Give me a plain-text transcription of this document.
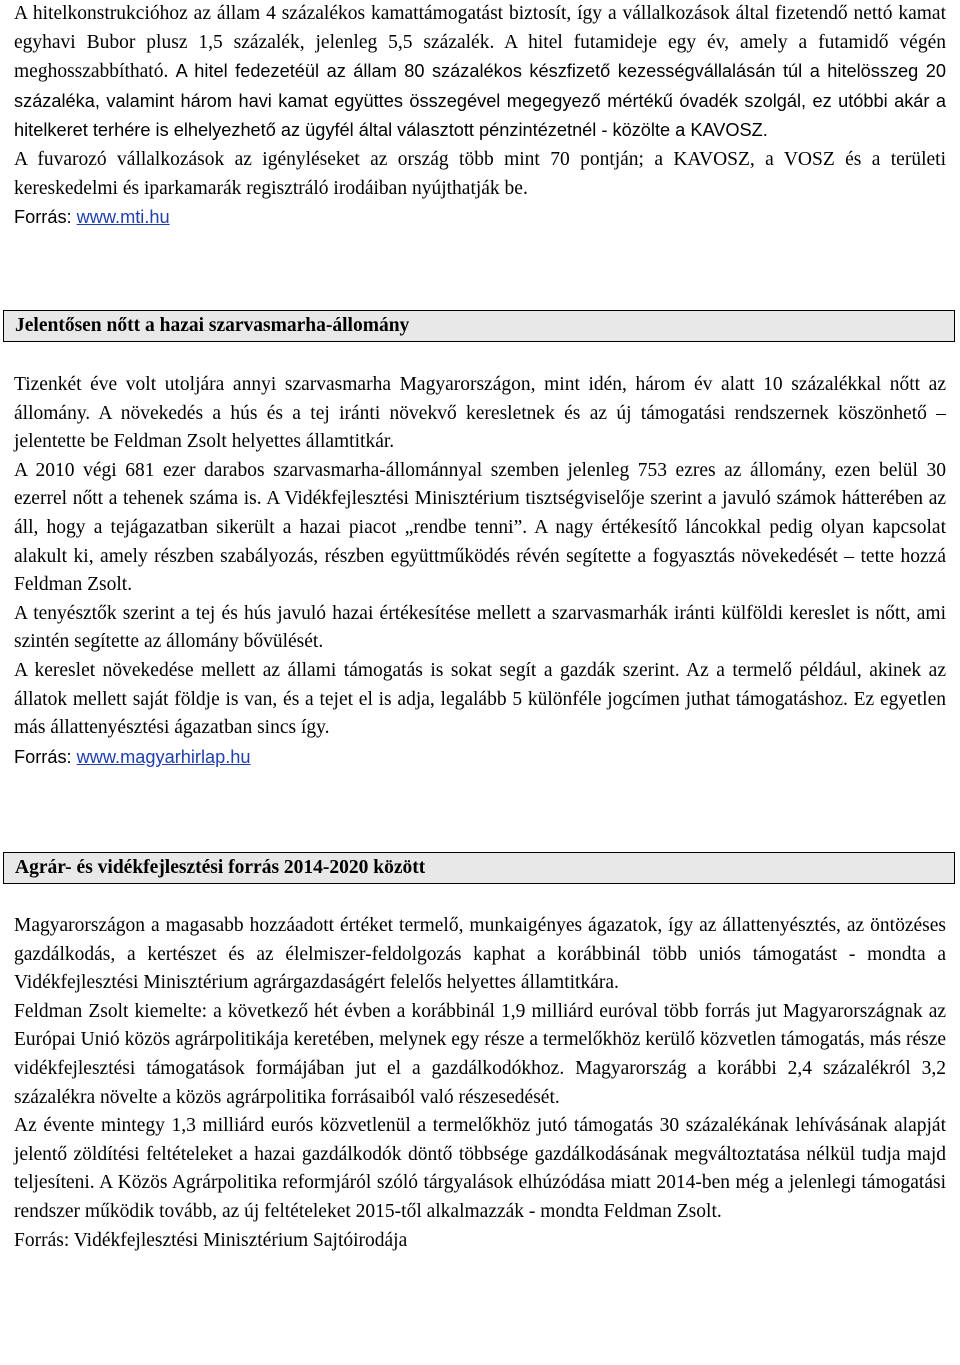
A hitelkonstrukcióhoz az állam 4 százalékos kamattámogatást biztosít, így a vállalkozások által fizetendő nettó kamat egyhavi Bubor plusz 1,5 százalék, jelenleg 5,5 százalék. A hitel futamideje egy év, amely a futamidő végén meghosszabbítható. A hitel fedezetéül az állam 80 százalékos készfizető kezességvállalásán túl a hitelösszeg 20 százaléka, valamint három havi kamat együttes összegével megegyező mértékű óvadék szolgál, ez utóbbi akár a hitelkeret terhére is elhelyezhető az ügyfél által választott pénzintézetnél - közölte a KAVOSZ.

A fuvarozó vállalkozások az igényléseket az ország több mint 70 pontján; a KAVOSZ, a VOSZ és a területi kereskedelmi és iparkamarák regisztráló irodáiban nyújthatják be.

Forrás: www.mti.hu

Jelentősen nőtt a hazai szarvasmarha-állomány

Tizenkét éve volt utoljára annyi szarvasmarha Magyarországon, mint idén, három év alatt 10 százalékkal nőtt az állomány. A növekedés a hús és a tej iránti növekvő keresletnek és az új támogatási rendszernek köszönhető – jelentette be Feldman Zsolt helyettes államtitkár.

A 2010 végi 681 ezer darabos szarvasmarha-állománnyal szemben jelenleg 753 ezres az állomány, ezen belül 30 ezerrel nőtt a tehenek száma is. A Vidékfejlesztési Minisztérium tisztségviselője szerint a javuló számok hátterében az áll, hogy a tejágazatban sikerült a hazai piacot „rendbe tenni”. A nagy értékesítő láncokkal pedig olyan kapcsolat alakult ki, amely részben szabályozás, részben együttműködés révén segítette a fogyasztás növekedését – tette hozzá Feldman Zsolt.

A tenyésztők szerint a tej és hús javuló hazai értékesítése mellett a szarvasmarhák iránti külföldi kereslet is nőtt, ami szintén segítette az állomány bővülését.

A kereslet növekedése mellett az állami támogatás is sokat segít a gazdák szerint. Az a termelő például, akinek az állatok mellett saját földje is van, és a tejet el is adja, legalább 5 különféle jogcímen juthat támogatáshoz. Ez egyetlen más állattenyésztési ágazatban sincs így.

Forrás: www.magyarhirlap.hu

Agrár- és vidékfejlesztési forrás 2014-2020 között

Magyarországon a magasabb hozzáadott értéket termelő, munkaigényes ágazatok, így az állattenyésztés, az öntözéses gazdálkodás, a kertészet és az élelmiszer-feldolgozás kaphat a korábbinál több uniós támogatást - mondta a Vidékfejlesztési Minisztérium agrárgazdaságért felelős helyettes államtitkára.

Feldman Zsolt kiemelte: a következő hét évben a korábbinál 1,9 milliárd euróval több forrás jut Magyarországnak az Európai Unió közös agrárpolitikája keretében, melynek egy része a termelőkhöz kerülő közvetlen támogatás, más része vidékfejlesztési támogatások formájában jut el a gazdálkodókhoz. Magyarország a korábbi 2,4 százalékról 3,2 százalékra növelte a közös agrárpolitika forrásaiból való részesedését.

Az évente mintegy 1,3 milliárd eurós közvetlenül a termelőkhöz jutó támogatás 30 százalékának lehívásának alapját jelentő zöldítési feltételeket a hazai gazdálkodók döntő többsége gazdálkodásának megváltoztatása nélkül tudja majd teljesíteni. A Közös Agrárpolitika reformjáról szóló tárgyalások elhúzódása miatt 2014-ben még a jelenlegi támogatási rendszer működik tovább, az új feltételeket 2015-től alkalmazzák - mondta Feldman Zsolt.

Forrás: Vidékfejlesztési Minisztérium Sajtóirodája
